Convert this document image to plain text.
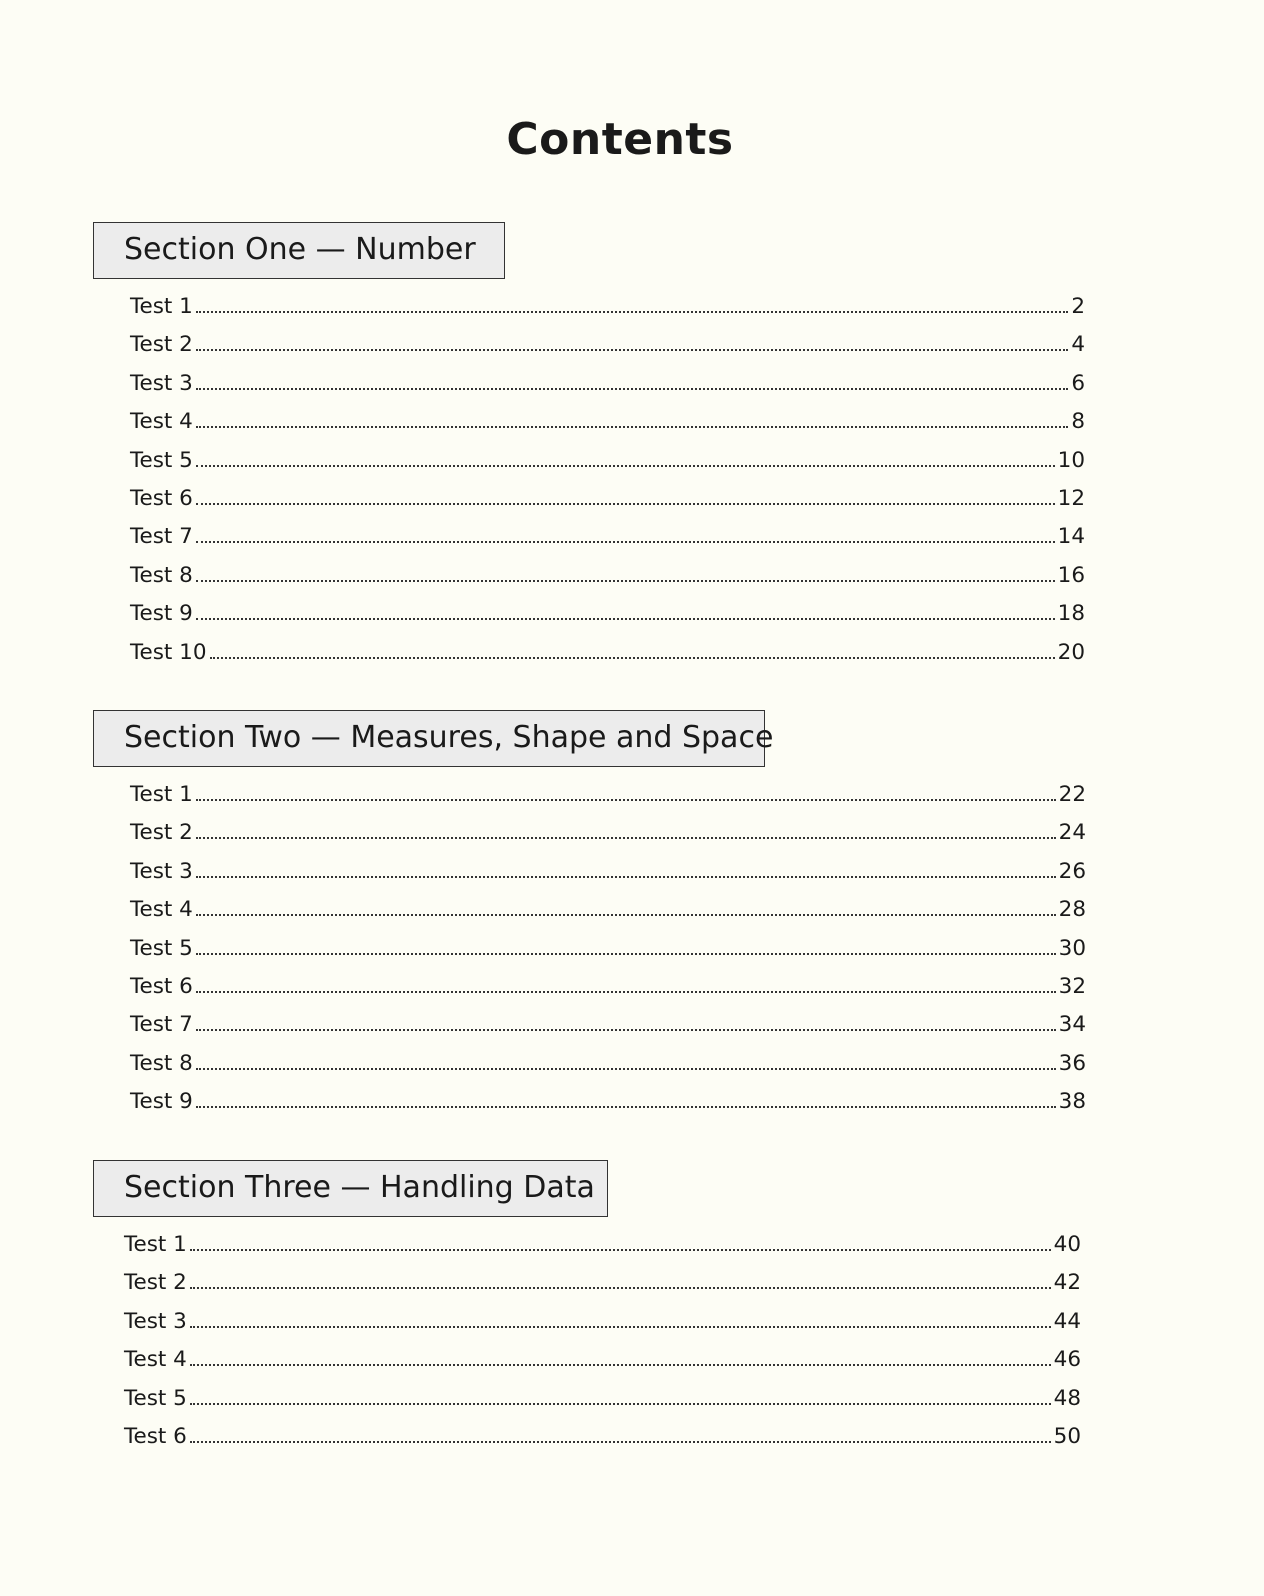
Contents
Section One — Number
Test 1	2
Test 2	4
Test 3	6
Test 4	8
Test 5	10
Test 6	12
Test 7	14
Test 8	16
Test 9	18
Test 10	20
Section Two — Measures, Shape and Space
Test 1	22
Test 2	24
Test 3	26
Test 4	28
Test 5	30
Test 6	32
Test 7	34
Test 8	36
Test 9	38
Section Three — Handling Data
Test 1	40
Test 2	42
Test 3	44
Test 4	46
Test 5	48
Test 6	50
